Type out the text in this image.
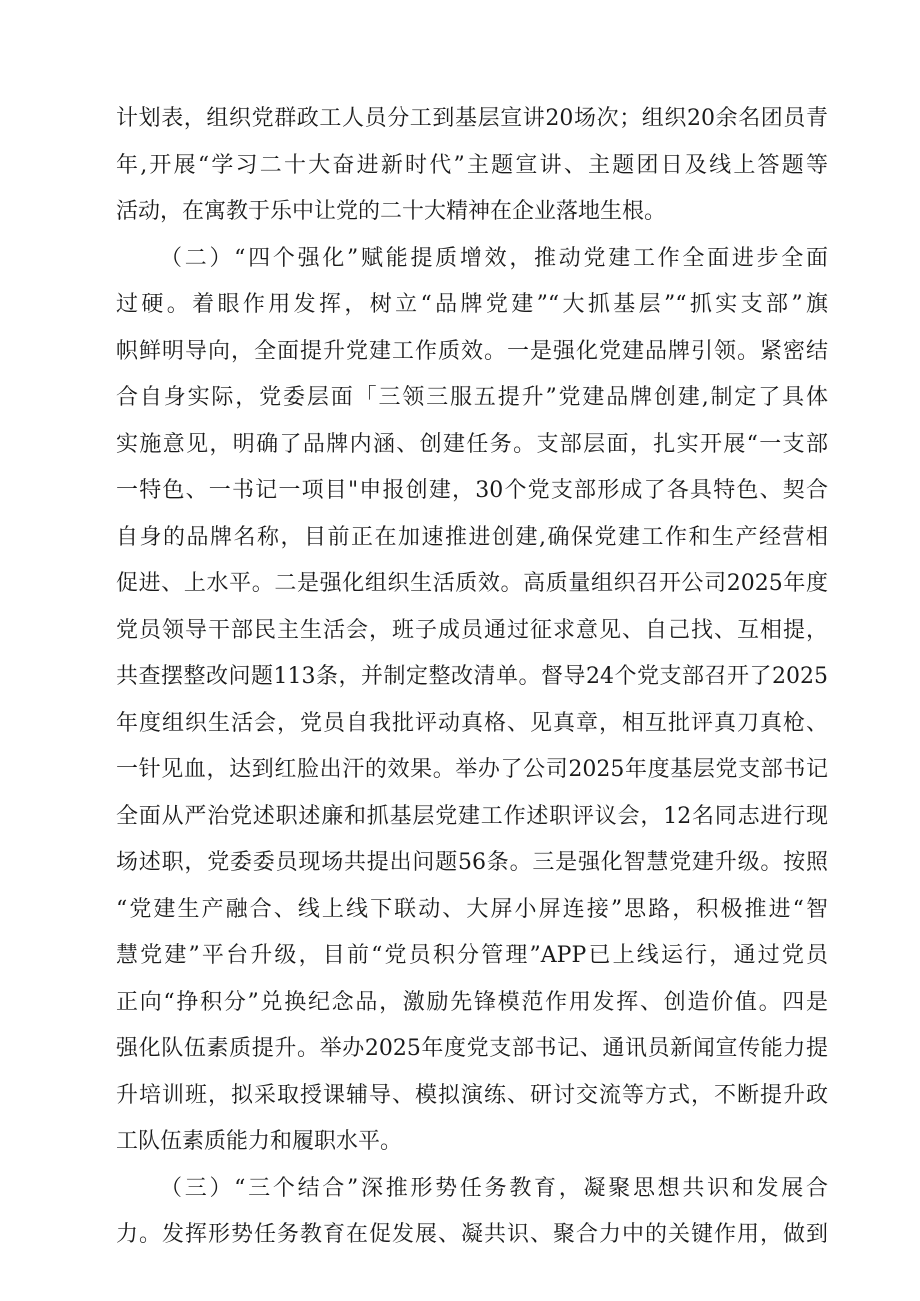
计划表，组织党群政工人员分工到基层宣讲20场次；组织20余名团员青
年,开展“学习二十大奋进新时代”主题宣讲、主题团日及线上答题等
活动，在寓教于乐中让党的二十大精神在企业落地生根。
（二）“四个强化”赋能提质增效，推动党建工作全面进步全面
过硬。着眼作用发挥，树立“品牌党建”“大抓基层”“抓实支部”旗
帜鲜明导向，全面提升党建工作质效。一是强化党建品牌引领。紧密结
合自身实际，党委层面「三领三服五提升”党建品牌创建,制定了具体
实施意见，明确了品牌内涵、创建任务。支部层面，扎实开展“一支部
一特色、一书记一项目"申报创建，30个党支部形成了各具特色、契合
自身的品牌名称，目前正在加速推进创建,确保党建工作和生产经营相
促进、上水平。二是强化组织生活质效。高质量组织召开公司2025年度
党员领导干部民主生活会，班子成员通过征求意见、自己找、互相提，
共查摆整改问题113条，并制定整改清单。督导24个党支部召开了2025
年度组织生活会，党员自我批评动真格、见真章，相互批评真刀真枪、
一针见血，达到红脸出汗的效果。举办了公司2025年度基层党支部书记
全面从严治党述职述廉和抓基层党建工作述职评议会，12名同志进行现
场述职，党委委员现场共提出问题56条。三是强化智慧党建升级。按照
“党建生产融合、线上线下联动、大屏小屏连接”思路，积极推进“智
慧党建”平台升级，目前“党员积分管理”APP已上线运行，通过党员
正向“挣积分”兑换纪念品，激励先锋模范作用发挥、创造价值。四是
强化队伍素质提升。举办2025年度党支部书记、通讯员新闻宣传能力提
升培训班，拟采取授课辅导、模拟演练、研讨交流等方式，不断提升政
工队伍素质能力和履职水平。
（三）“三个结合”深推形势任务教育，凝聚思想共识和发展合
力。发挥形势任务教育在促发展、凝共识、聚合力中的关键作用，做到
